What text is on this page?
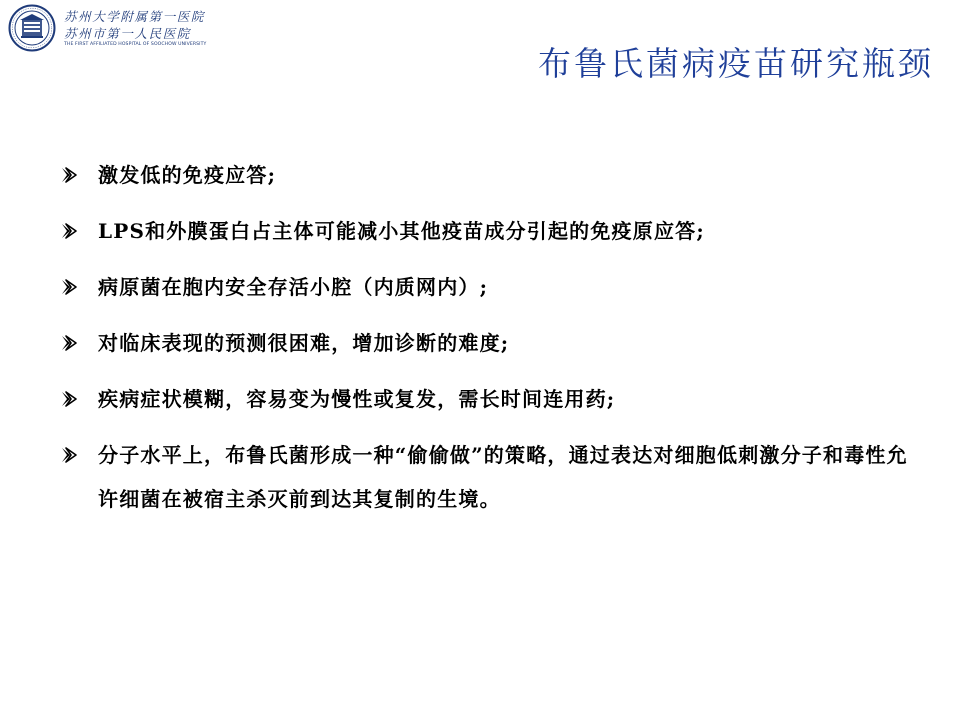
苏州大学附属第一医院
苏州市第一人民医院
THE FIRST AFFILIATED HOSPITAL OF SOOCHOW UNIVERSITY	布鲁氏菌病疫苗研究瓶颈
激发低的免疫应答;
LPS和外膜蛋白占主体可能减小其他疫苗成分引起的免疫原应答;
病原菌在胞内安全存活小腔（内质网内）;
对临床表现的预测很困难，增加诊断的难度;
疾病症状模糊，容易变为慢性或复发，需长时间连用药;
分子水平上，布鲁氏菌形成一种“偷偷做”的策略，通过表达对细胞低刺激分子和毒性允许细菌在被宿主杀灭前到达其复制的生境。
